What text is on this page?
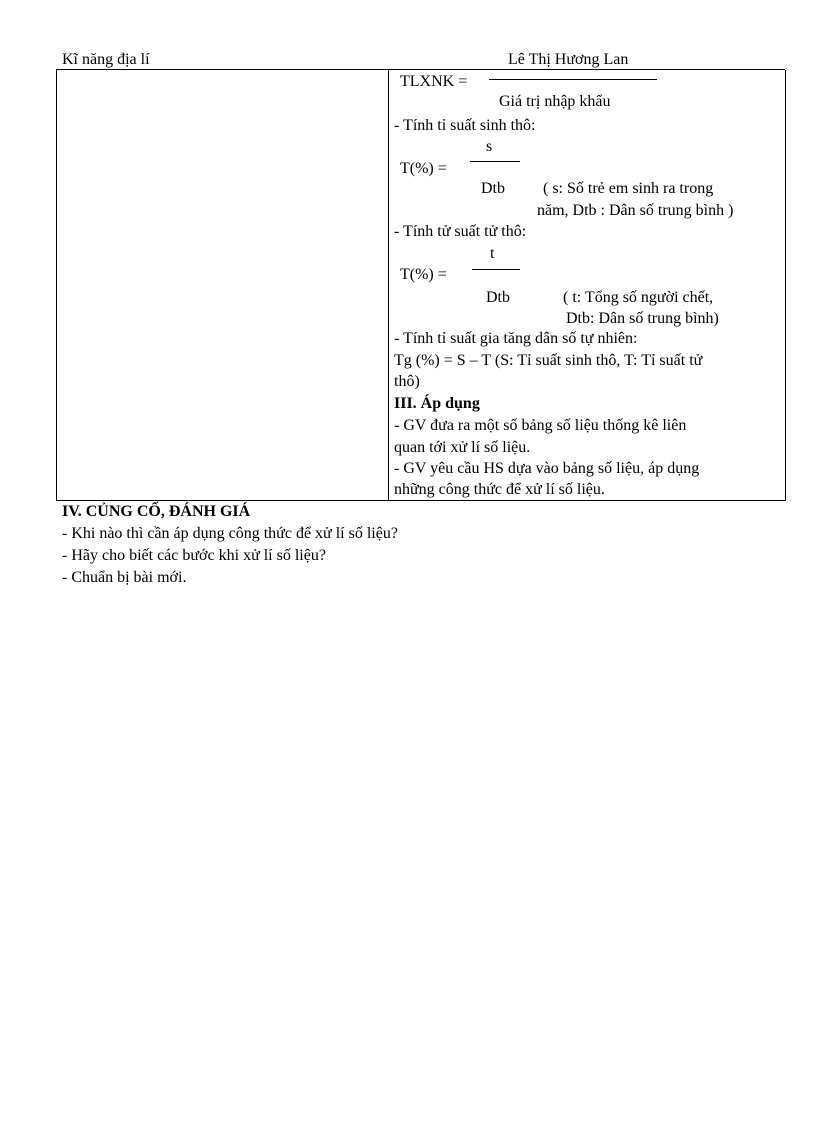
Kĩ năng địa lí	Lê Thị Hương Lan
TLXNK =
Giá trị nhập khẩu
- Tính tỉ suất sinh thô:
s
T(%) =
Dtb ( s: Số trẻ em sinh ra trong
năm, Dtb : Dân số trung bình )
- Tính tử suất tử thô:
t
T(%) =
Dtb	( t: Tổng số người chết,
Dtb: Dân số trung bình)
- Tính tỉ suất gia tăng dân số tự nhiên:
Tg (%) = S – T (S: Tỉ suất sinh thô, T: Tỉ suất tử
thô)
III. Áp dụng
- GV đưa ra một số bảng số liệu thống kê liên
quan tới xử lí số liệu.
- GV yêu cầu HS dựa vào bảng số liệu, áp dụng
những công thức để xử lí số liệu.
IV. CỦNG CỐ, ĐÁNH GIÁ
- Khi nào thì cần áp dụng công thức để xử lí số liệu?
- Hãy cho biết các bước khi xử lí số liệu?
- Chuẩn bị bài mới.
